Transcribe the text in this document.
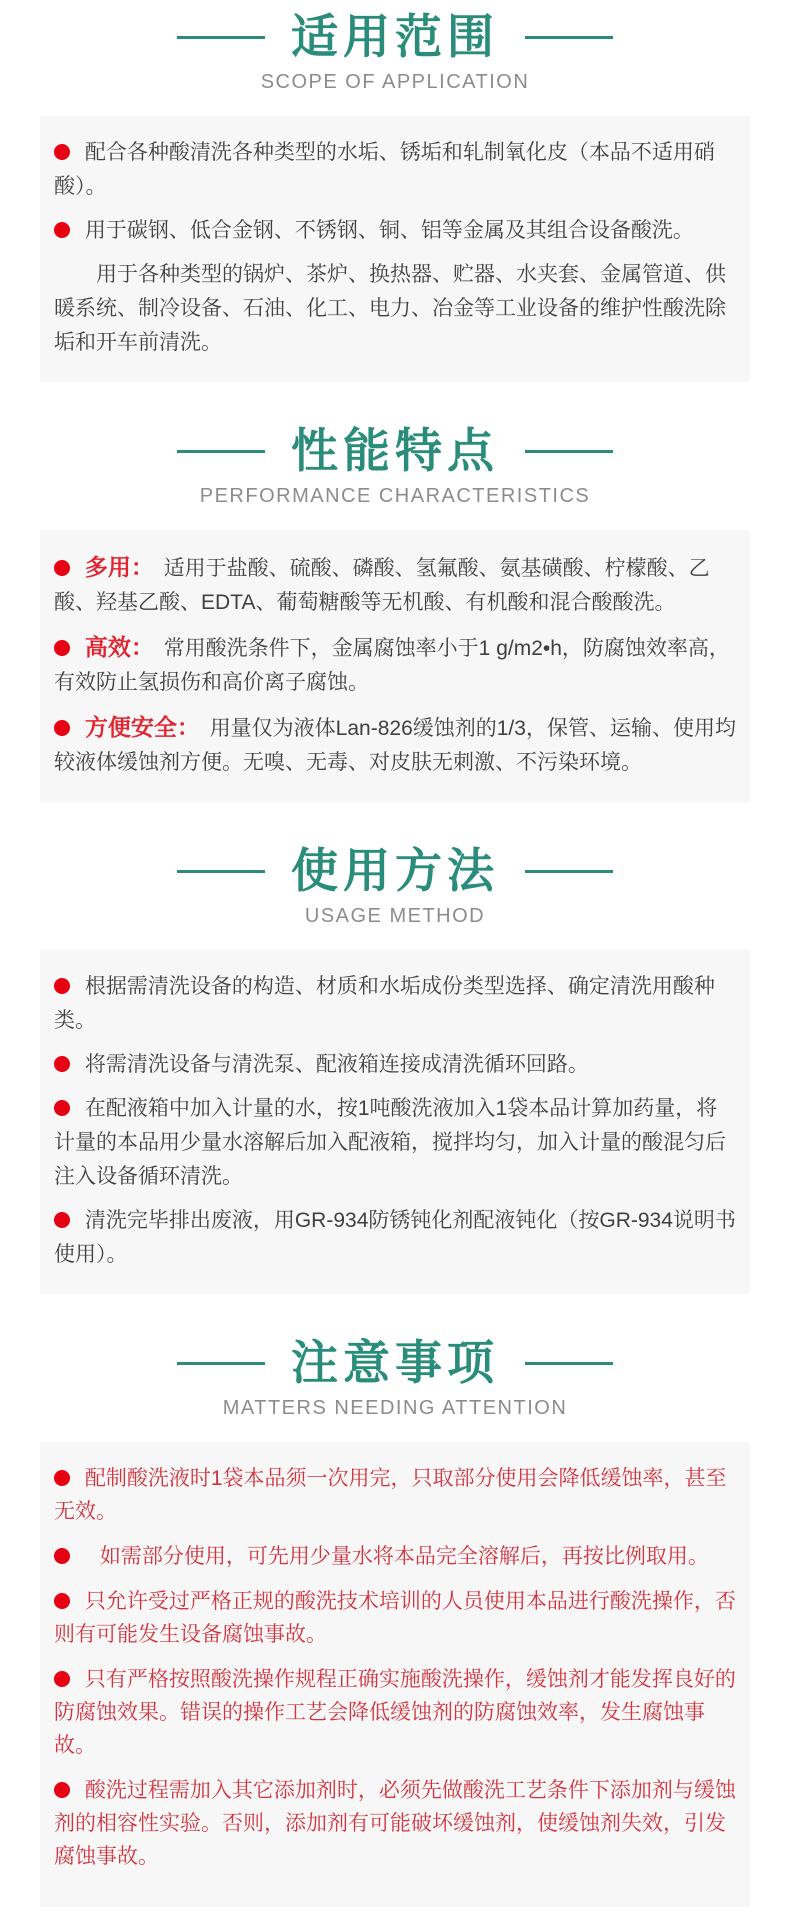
适用范围
SCOPE OF APPLICATION

配合各种酸清洗各种类型的水垢、锈垢和轧制氧化皮（本品不适用硝酸）。

用于碳钢、低合金钢、不锈钢、铜、铝等金属及其组合设备酸洗。

用于各种类型的锅炉、茶炉、换热器、贮器、水夹套、金属管道、供暖系统、制冷设备、石油、化工、电力、冶金等工业设备的维护性酸洗除垢和开车前清洗。

性能特点
PERFORMANCE CHARACTERISTICS

多用： 适用于盐酸、硫酸、磷酸、氢氟酸、氨基磺酸、柠檬酸、乙酸、羟基乙酸、EDTA、葡萄糖酸等无机酸、有机酸和混合酸酸洗。

高效： 常用酸洗条件下，金属腐蚀率小于1 g/m2•h，防腐蚀效率高，有效防止氢损伤和高价离子腐蚀。

方便安全： 用量仅为液体Lan-826缓蚀剂的1/3，保管、运输、使用均较液体缓蚀剂方便。无嗅、无毒、对皮肤无刺激、不污染环境。

使用方法
USAGE METHOD

根据需清洗设备的构造、材质和水垢成份类型选择、确定清洗用酸种类。

将需清洗设备与清洗泵、配液箱连接成清洗循环回路。

在配液箱中加入计量的水，按1吨酸洗液加入1袋本品计算加药量，将计量的本品用少量水溶解后加入配液箱，搅拌均匀，加入计量的酸混匀后注入设备循环清洗。

清洗完毕排出废液，用GR-934防锈钝化剂配液钝化（按GR-934说明书使用）。

注意事项
MATTERS NEEDING ATTENTION

配制酸洗液时1袋本品须一次用完，只取部分使用会降低缓蚀率，甚至无效。

如需部分使用，可先用少量水将本品完全溶解后，再按比例取用。

只允许受过严格正规的酸洗技术培训的人员使用本品进行酸洗操作，否则有可能发生设备腐蚀事故。

只有严格按照酸洗操作规程正确实施酸洗操作，缓蚀剂才能发挥良好的防腐蚀效果。错误的操作工艺会降低缓蚀剂的防腐蚀效率，发生腐蚀事故。

酸洗过程需加入其它添加剂时，必须先做酸洗工艺条件下添加剂与缓蚀剂的相容性实验。否则，添加剂有可能破坏缓蚀剂，使缓蚀剂失效，引发腐蚀事故。
